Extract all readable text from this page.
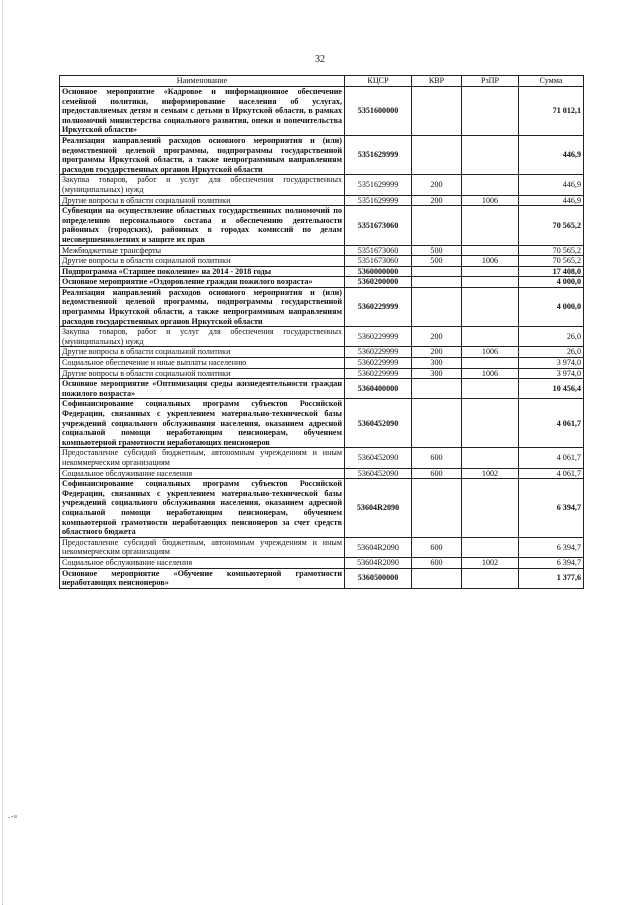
32
Наименование	КЦСР	КВР	РзПР	Сумма
Основное мероприятие «Кадровое и информационное обеспечение семейной политики, информирование населения об услугах, предоставляемых детям и семьям с детьми в Иркутской области, в рамках полномочий министерства социального развития, опеки и попечительства Иркутской области»	5351600000			71 012,1
Реализация направлений расходов основного мероприятия и (или) ведомственной целевой программы, подпрограммы государственной программы Иркутской области, а также непрограммным направлениям расходов государственных органов Иркутской области	5351629999			446,9
Закупка товаров, работ и услуг для обеспечения государственных (муниципальных) нужд	5351629999	200		446,9
Другие вопросы в области социальной политики	5351629999	200	1006	446,9
Субвенции на осуществление областных государственных полномочий по определению персонального состава и обеспечению деятельности районных (городских), районных в городах комиссий по делам несовершеннолетних и защите их прав	5351673060			70 565,2
Межбюджетные трансферты	5351673060	500		70 565,2
Другие вопросы в области социальной политики	5351673060	500	1006	70 565,2
Подпрограмма «Старшее поколение» на 2014 - 2018 годы	5360000000			17 408,0
Основное мероприятие «Оздоровление граждан пожилого возраста»	5360200000			4 000,0
Реализация направлений расходов основного мероприятия и (или) ведомственной целевой программы, подпрограммы государственной программы Иркутской области, а также непрограммным направлениям расходов государственных органов Иркутской области	5360229999			4 000,0
Закупка товаров, работ и услуг для обеспечения государственных (муниципальных) нужд	5360229999	200		26,0
Другие вопросы в области социальной политики	5360229999	200	1006	26,0
Социальное обеспечение и иные выплаты населению	5360229999	300		3 974,0
Другие вопросы в области социальной политики	5360229999	300	1006	3 974,0
Основное мероприятие «Оптимизация среды жизнедеятельности граждан пожилого возраста»	5360400000			10 456,4
Софинансирование социальных программ субъектов Российской Федерации, связанных с укреплением материально-технической базы учреждений социального обслуживания населения, оказанием адресной социальной помощи неработающим пенсионерам, обучением компьютерной грамотности неработающих пенсионеров	5360452090			4 061,7
Предоставление субсидий бюджетным, автономным учреждениям и иным некоммерческим организациям	5360452090	600		4 061,7
Социальное обслуживание населения	5360452090	600	1002	4 061,7
Софинансирование социальных программ субъектов Российской Федерации, связанных с укреплением материально-технической базы учреждений социального обслуживания населения, оказанием адресной социальной помощи неработающим пенсионерам, обучением компьютерной грамотности неработающих пенсионеров за счет средств областного бюджета	53604R2090			6 394,7
Предоставление субсидий бюджетным, автономным учреждениям и иным некоммерческим организациям	53604R2090	600		6 394,7
Социальное обслуживание населения	53604R2090	600	1002	6 394,7
Основное мероприятие «Обучение компьютерной грамотности неработающих пенсионеров»	5360500000			1 377,6
- ·· ≡
